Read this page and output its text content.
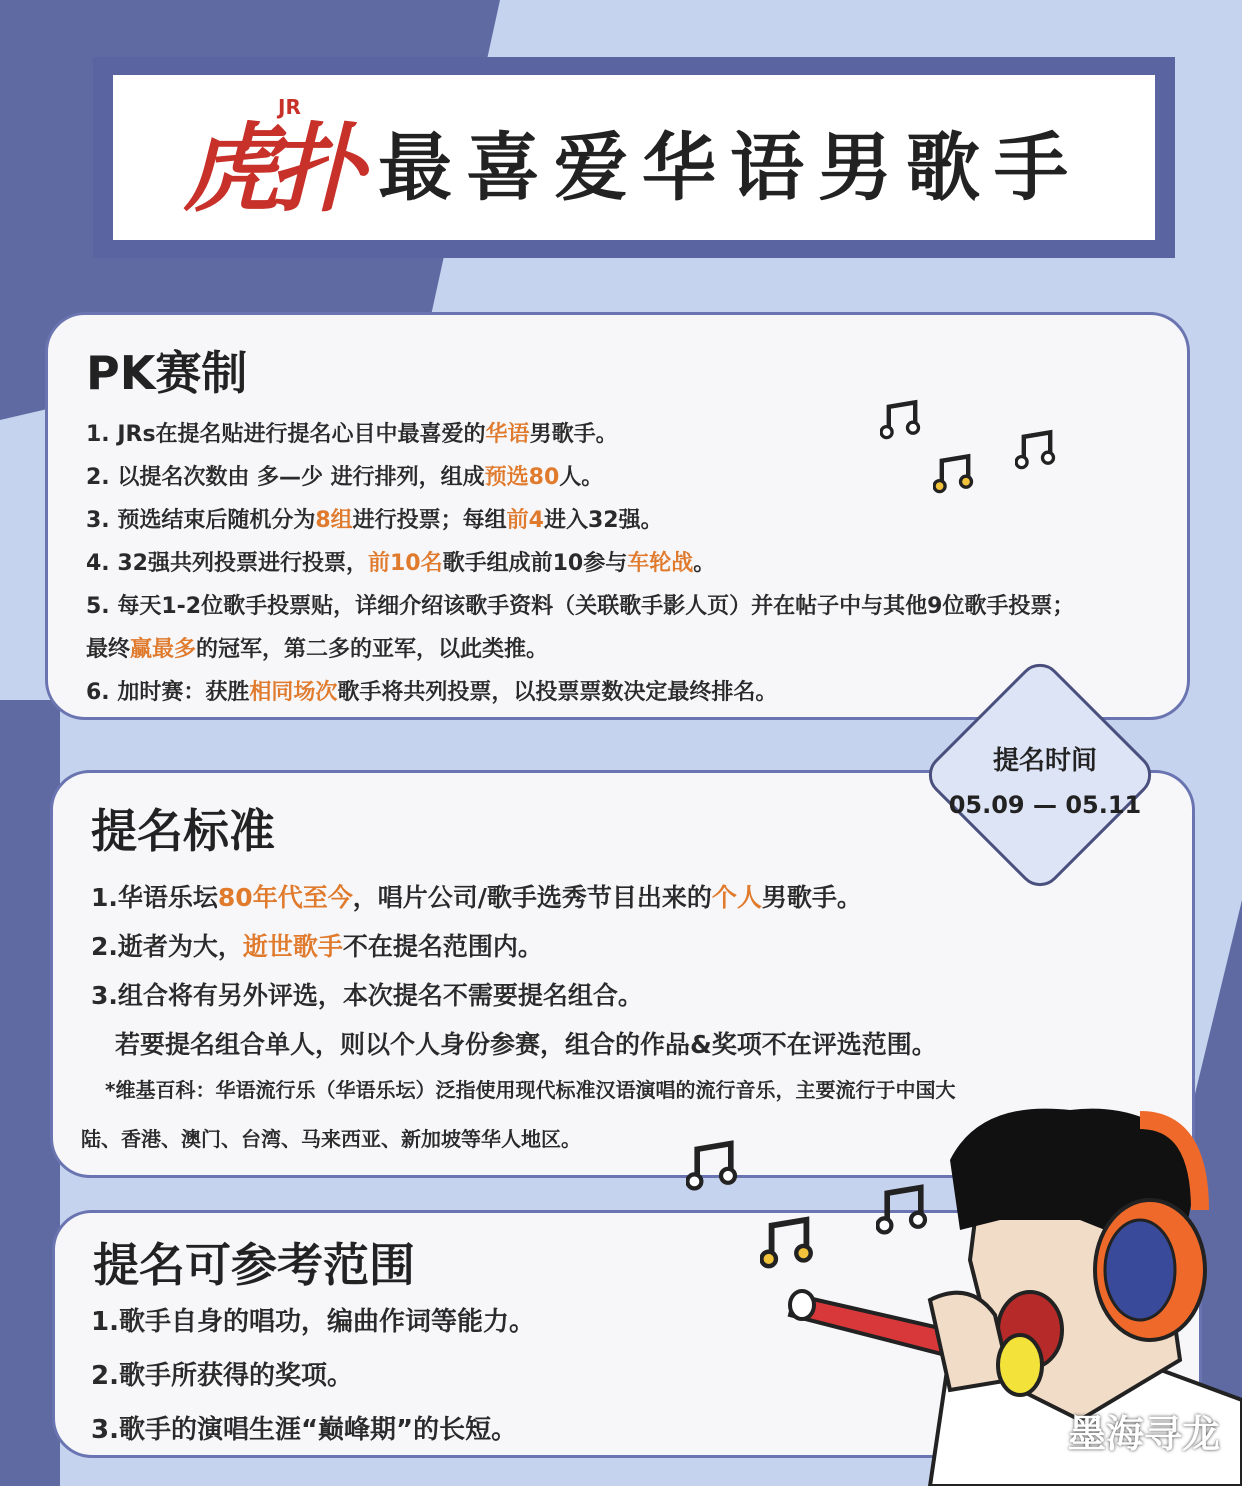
虎扑
JR
最喜爱华语男歌手
PK赛制
1. JRs在提名贴进行提名心目中最喜爱的华语男歌手。
2. 以提名次数由 多—少 进行排列，组成预选80人。
3. 预选结束后随机分为8组进行投票；每组前4进入32强。
4. 32强共列投票进行投票，前10名歌手组成前10参与车轮战。
5. 每天1-2位歌手投票贴，详细介绍该歌手资料（关联歌手影人页）并在帖子中与其他9位歌手投票；
最终赢最多的冠军，第二多的亚军，以此类推。
6. 加时赛：获胜相同场次歌手将共列投票，以投票票数决定最终排名。
提名标准
1.华语乐坛80年代至今，唱片公司/歌手选秀节目出来的个人男歌手。
2.逝者为大，逝世歌手不在提名范围内。
3.组合将有另外评选，本次提名不需要提名组合。
若要提名组合单人，则以个人身份参赛，组合的作品&奖项不在评选范围。
*维基百科：华语流行乐（华语乐坛）泛指使用现代标准汉语演唱的流行音乐，主要流行于中国大
陆、香港、澳门、台湾、马来西亚、新加坡等华人地区。
提名可参考范围
1.歌手自身的唱功，编曲作词等能力。
2.歌手所获得的奖项。
3.歌手的演唱生涯“巅峰期”的长短。
提名时间
05.09 — 05.11
墨海寻龙
